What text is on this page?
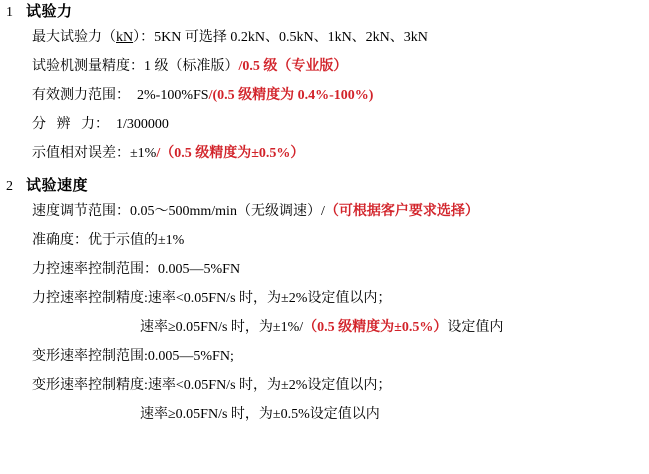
1 试验力
最大试验力（kN）：5KN 可选择 0.2kN、0.5kN、1kN、2kN、3kN
试验机测量精度：1 级（标准版）/0.5 级（专业版）
有效测力范围：  2%-100%FS/(0.5 级精度为 0.4%-100%)
分   辨   力：  1/300000
示值相对误差：±1%/（0.5 级精度为±0.5%）
2 试验速度
速度调节范围：0.05～500mm/min（无级调速）/（可根据客户要求选择）
准确度：优于示值的±1%
力控速率控制范围：0.005—5%FN
力控速率控制精度:速率<0.05FN/s 时，为±2%设定值以内；
速率≥0.05FN/s 时，为±1%/（0.5 级精度为±0.5%）设定值内
变形速率控制范围:0.005—5%FN;
变形速率控制精度:速率<0.05FN/s 时，为±2%设定值以内；
速率≥0.05FN/s 时，为±0.5%设定值以内
